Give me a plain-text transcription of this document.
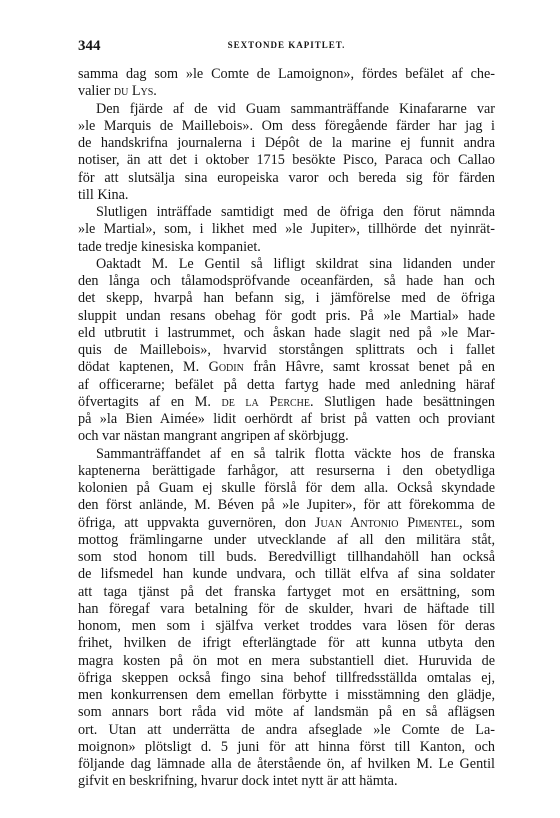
344	SEXTONDE KAPITLET.
samma dag som »le Comte de Lamoignon», fördes befälet af che-
valier du Lys.
Den fjärde af de vid Guam sammanträffande Kinafararne var
»le Marquis de Maillebois». Om dess föregående färder har jag i
de handskrifna journalerna i Dépôt de la marine ej funnit andra
notiser, än att det i oktober 1715 besökte Pisco, Paraca och Callao
för att slutsälja sina europeiska varor och bereda sig för färden
till Kina.
Slutligen inträffade samtidigt med de öfriga den förut nämnda
»le Martial», som, i likhet med »le Jupiter», tillhörde det nyinrät-
tade tredje kinesiska kompaniet.
Oaktadt M. Le Gentil så lifligt skildrat sina lidanden under
den långa och tålamodspröfvande oceanfärden, så hade han och
det skepp, hvarpå han befann sig, i jämförelse med de öfriga
sluppit undan resans obehag för godt pris. På »le Martial» hade
eld utbrutit i lastrummet, och åskan hade slagit ned på »le Mar-
quis de Maillebois», hvarvid storstången splittrats och i fallet
dödat kaptenen, M. Godin från Hâvre, samt krossat benet på en
af officerarne; befälet på detta fartyg hade med anledning häraf
öfvertagits af en M. de la Perche. Slutligen hade besättningen
på »la Bien Aimée» lidit oerhördt af brist på vatten och proviant
och var nästan mangrant angripen af skörbjugg.
Sammanträffandet af en så talrik flotta väckte hos de franska
kaptenerna berättigade farhågor, att resurserna i den obetydliga
kolonien på Guam ej skulle förslå för dem alla. Också skyndade
den först anlände, M. Béven på »le Jupiter», för att förekomma de
öfriga, att uppvakta guvernören, don Juan Antonio Pimentel, som
mottog främlingarne under utvecklande af all den militära ståt,
som stod honom till buds. Beredvilligt tillhandahöll han också
de lifsmedel han kunde undvara, och tillät elfva af sina soldater
att taga tjänst på det franska fartyget mot en ersättning, som
han föregaf vara betalning för de skulder, hvari de häftade till
honom, men som i själfva verket troddes vara lösen för deras
frihet, hvilken de ifrigt efterlängtade för att kunna utbyta den
magra kosten på ön mot en mera substantiell diet. Huruvida de
öfriga skeppen också fingo sina behof tillfredsställda omtalas ej,
men konkurrensen dem emellan förbytte i misstämning den glädje,
som annars bort råda vid möte af landsmän på en så aflägsen
ort. Utan att underrätta de andra afseglade »le Comte de La-
moignon» plötsligt d. 5 juni för att hinna först till Kanton, och
följande dag lämnade alla de återstående ön, af hvilken M. Le Gentil
gifvit en beskrifning, hvarur dock intet nytt är att hämta.
